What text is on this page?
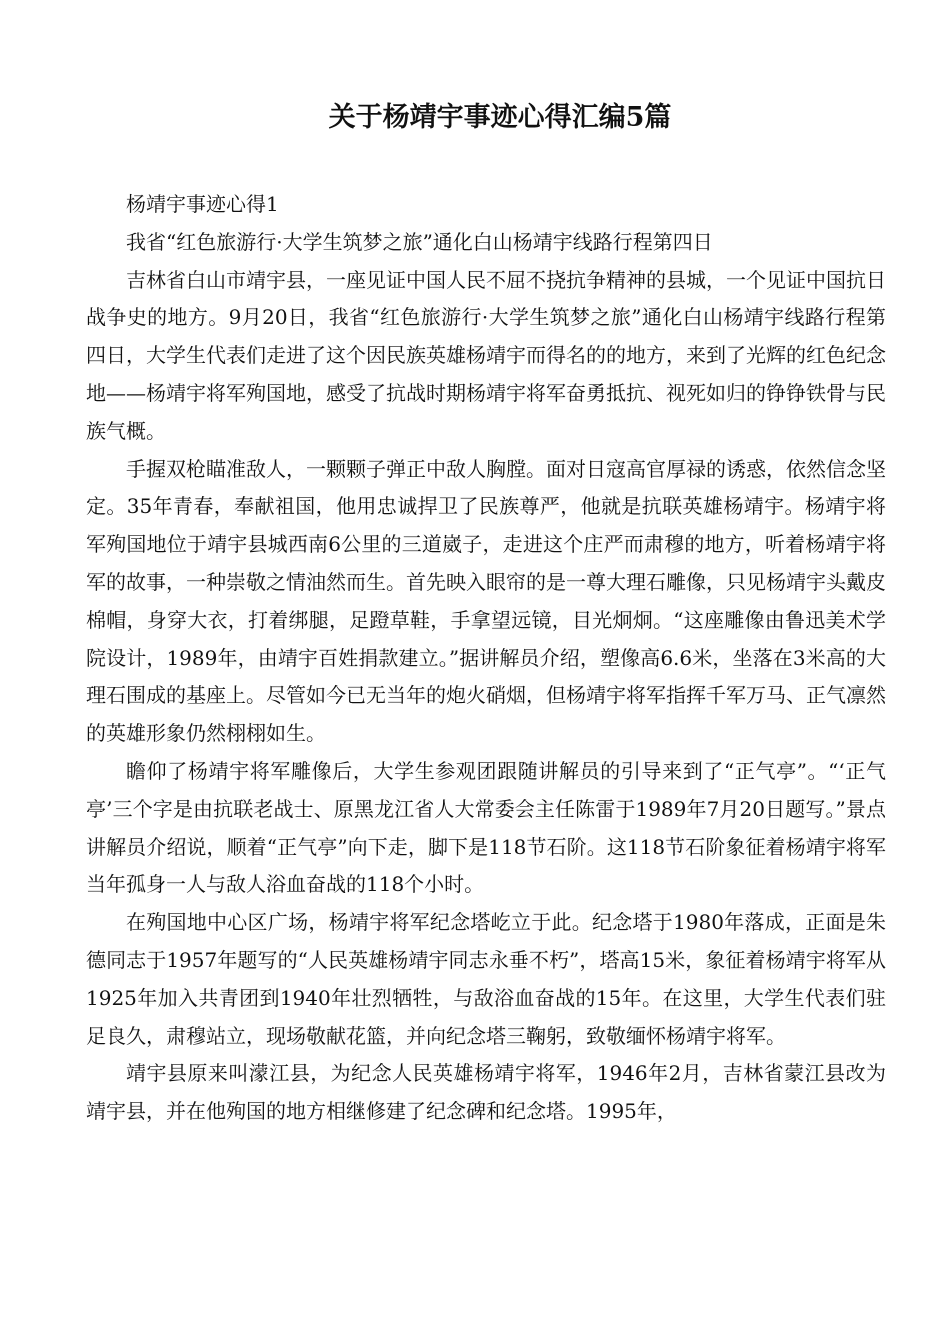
关于杨靖宇事迹心得汇编5篇

杨靖宇事迹心得1

我省“红色旅游行·大学生筑梦之旅”通化白山杨靖宇线路行程第四日

吉林省白山市靖宇县，一座见证中国人民不屈不挠抗争精神的县城，一个见证中国抗日战争史的地方。9月20日，我省“红色旅游行·大学生筑梦之旅”通化白山杨靖宇线路行程第四日，大学生代表们走进了这个因民族英雄杨靖宇而得名的的地方，来到了光辉的红色纪念地——杨靖宇将军殉国地，感受了抗战时期杨靖宇将军奋勇抵抗、视死如归的铮铮铁骨与民族气概。

手握双枪瞄准敌人，一颗颗子弹正中敌人胸膛。面对日寇高官厚禄的诱惑，依然信念坚定。35年青春，奉献祖国，他用忠诚捍卫了民族尊严，他就是抗联英雄杨靖宇。杨靖宇将军殉国地位于靖宇县城西南6公里的三道崴子，走进这个庄严而肃穆的地方，听着杨靖宇将军的故事，一种崇敬之情油然而生。首先映入眼帘的是一尊大理石雕像，只见杨靖宇头戴皮棉帽，身穿大衣，打着绑腿，足蹬草鞋，手拿望远镜，目光炯炯。“这座雕像由鲁迅美术学院设计，1989年，由靖宇百姓捐款建立。”据讲解员介绍，塑像高6.6米，坐落在3米高的大理石围成的基座上。尽管如今已无当年的炮火硝烟，但杨靖宇将军指挥千军万马、正气凛然的英雄形象仍然栩栩如生。

瞻仰了杨靖宇将军雕像后，大学生参观团跟随讲解员的引导来到了“正气亭”。“‘正气亭’三个字是由抗联老战士、原黑龙江省人大常委会主任陈雷于1989年7月20日题写。”景点讲解员介绍说，顺着“正气亭”向下走，脚下是118节石阶。这118节石阶象征着杨靖宇将军当年孤身一人与敌人浴血奋战的118个小时。

在殉国地中心区广场，杨靖宇将军纪念塔屹立于此。纪念塔于1980年落成，正面是朱德同志于1957年题写的“人民英雄杨靖宇同志永垂不朽”，塔高15米，象征着杨靖宇将军从1925年加入共青团到1940年壮烈牺牲，与敌浴血奋战的15年。在这里，大学生代表们驻足良久，肃穆站立，现场敬献花篮，并向纪念塔三鞠躬，致敬缅怀杨靖宇将军。

靖宇县原来叫濛江县，为纪念人民英雄杨靖宇将军，1946年2月，吉林省蒙江县改为靖宇县，并在他殉国的地方相继修建了纪念碑和纪念塔。1995年，
